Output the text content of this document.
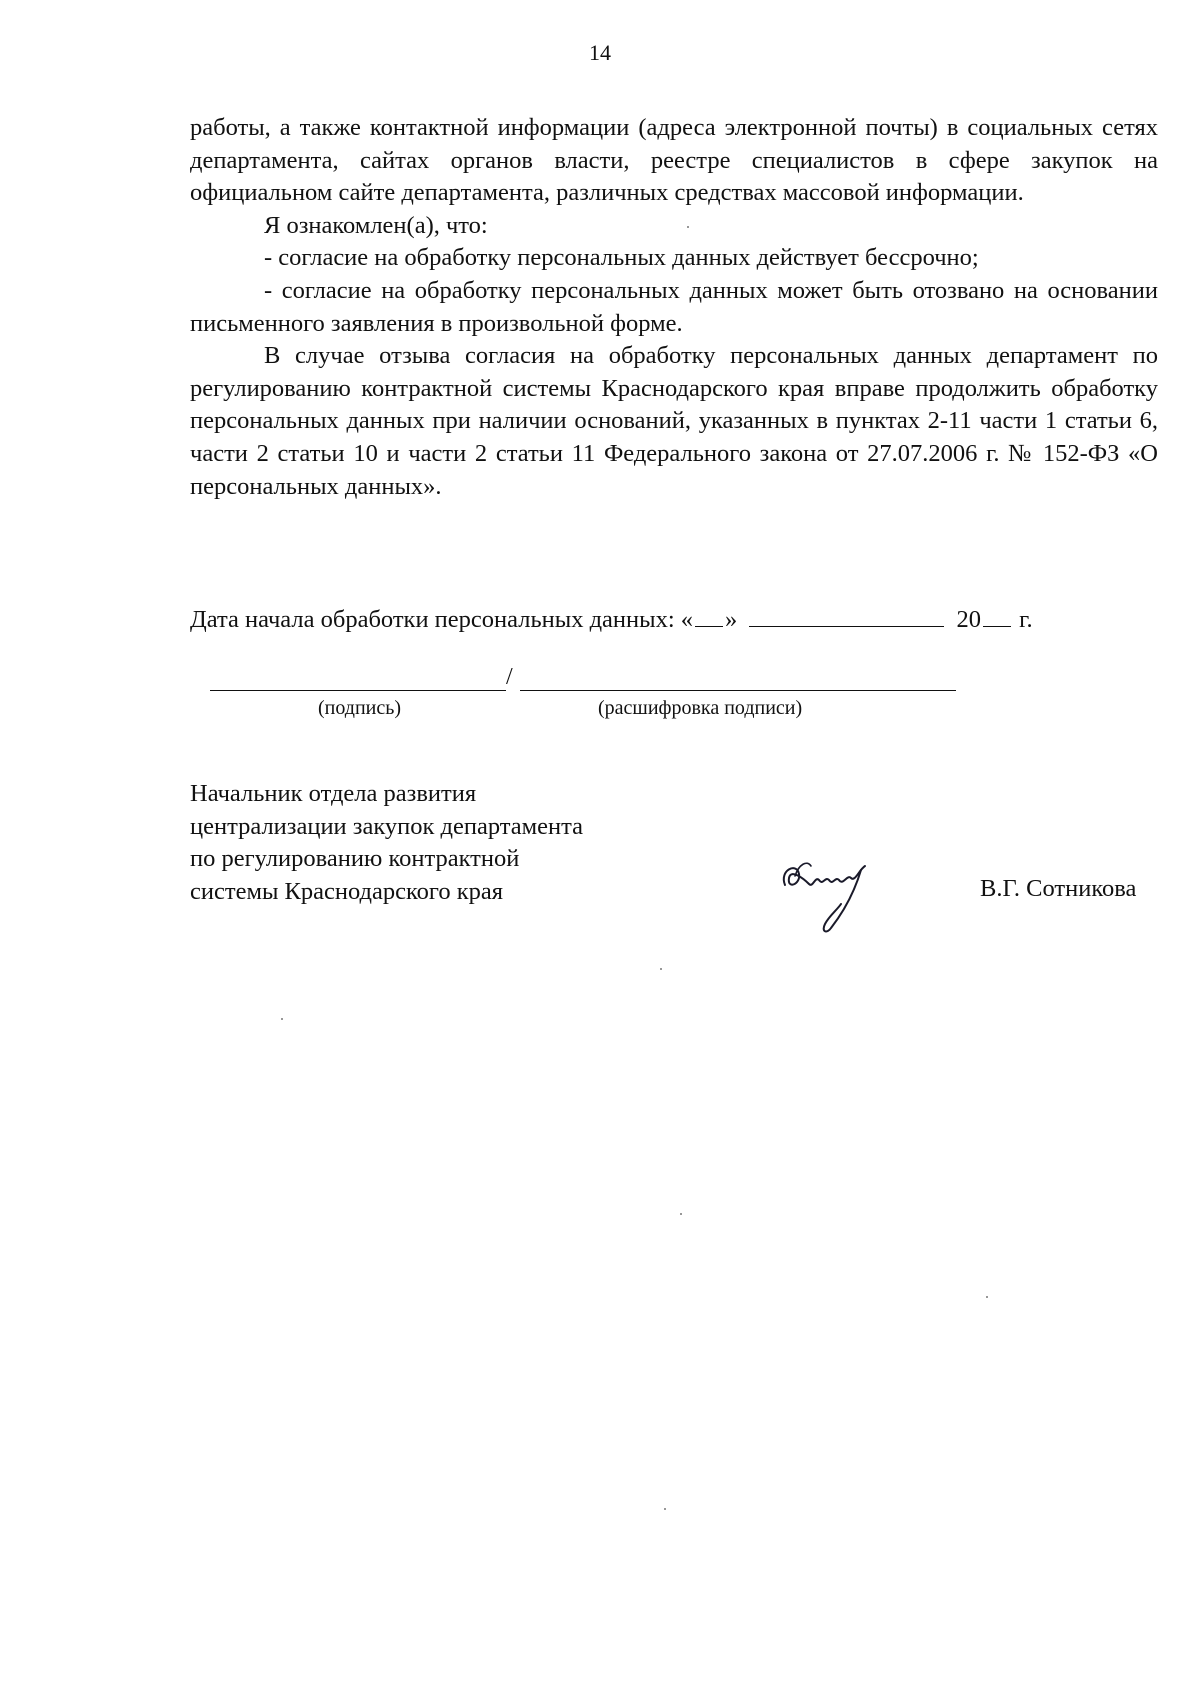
14

работы, а также контактной информации (адреса электронной почты) в социальных сетях департамента, сайтах органов власти, реестре специалистов в сфере закупок на официальном сайте департамента, различных средствах массовой информации.

Я ознакомлен(а), что:

- согласие на обработку персональных данных действует бессрочно;

- согласие на обработку персональных данных может быть отозвано на основании письменного заявления в произвольной форме.

В случае отзыва согласия на обработку персональных данных департамент по регулированию контрактной системы Краснодарского края вправе продолжить обработку персональных данных при наличии оснований, указанных в пунктах 2-11 части 1 статьи 6, части 2 статьи 10 и части 2 статьи 11 Федерального закона от 27.07.2006 г. № 152-ФЗ «О персональных данных».

Дата начала обработки персональных данных: « »	20 г.
/
(подпись)	(расшифровка подписи)
Начальник отдела развития
централизации закупок департамента
по регулированию контрактной
системы Краснодарского края	В.Г. Сотникова
